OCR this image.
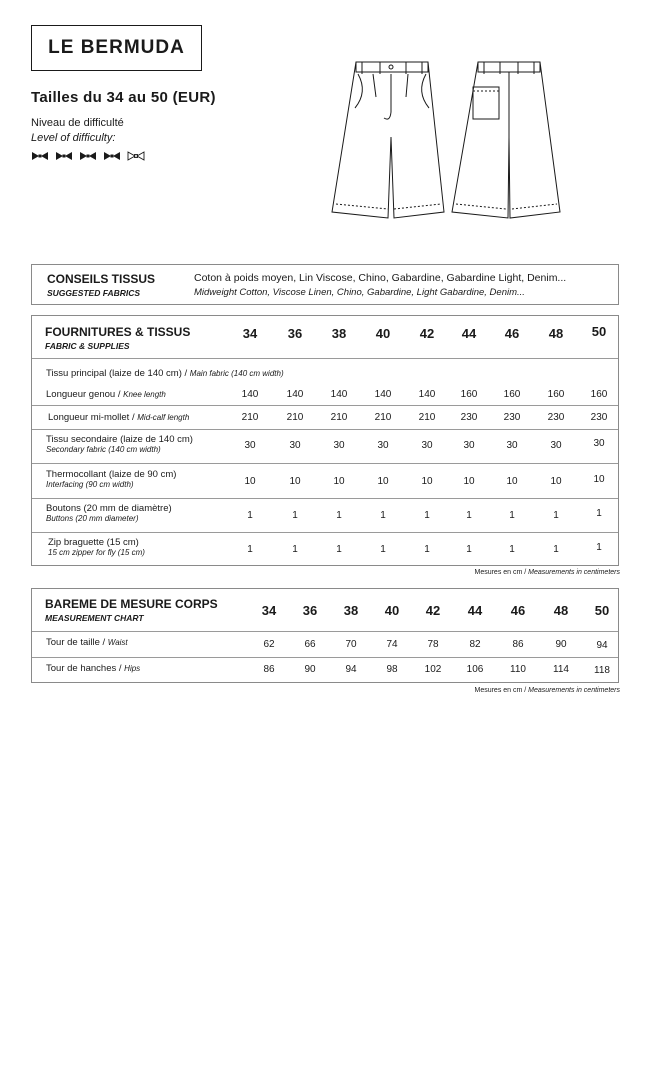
LE BERMUDA
Tailles du 34 au 50 (EUR)
Niveau de difficulté
Level of difficulty:
CONSEILS TISSUS
SUGGESTED FABRICS
Coton à poids moyen, Lin Viscose, Chino, Gabardine, Gabardine Light, Denim...
Midweight Cotton, Viscose Linen, Chino, Gabardine, Light Gabardine, Denim...
FOURNITURES & TISSUS
FABRIC & SUPPLIES
34	36	38	40	42	44	46	48	50
Tissu principal (laize de 140 cm) / Main fabric (140 cm width)
Longueur genou / Knee length	140	140	140	140	140	160	160	160	160
Longueur mi-mollet / Mid-calf length	210	210	210	210	210	230	230	230	230
Tissu secondaire (laize de 140 cm)
Secondary fabric (140 cm width)	30	30	30	30	30	30	30	30	30
Thermocollant (laize de 90 cm)
Interfacing (90 cm width)	10	10	10	10	10	10	10	10	10
Boutons (20 mm de diamètre)
Buttons (20 mm diameter)	1	1	1	1	1	1	1	1	1
Zip braguette (15 cm)
15 cm zipper for fly (15 cm)	1	1	1	1	1	1	1	1	1
Mesures en cm / Measurements in centimeters
BAREME DE MESURE CORPS
MEASUREMENT CHART	34	36	38	40	42	44	46	48	50
Tour de taille / Waist	62	66	70	74	78	82	86	90	94
Tour de hanches / Hips	86	90	94	98	102	106	110	114	118
Mesures en cm / Measurements in centimeters
